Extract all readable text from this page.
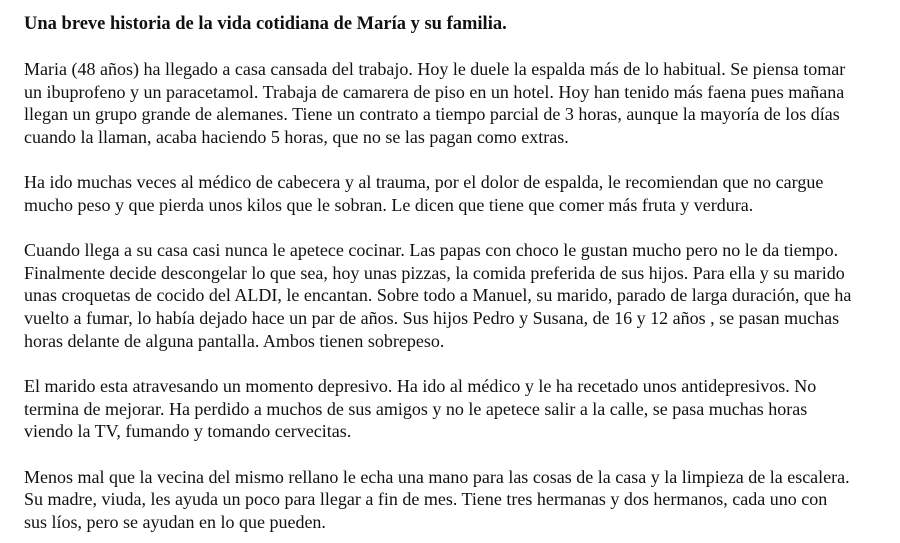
Una breve historia de la vida cotidiana de María y su familia.

Maria (48 años) ha llegado a casa cansada del trabajo. Hoy le duele la espalda más de lo habitual. Se piensa tomar
un ibuprofeno y un paracetamol. Trabaja de camarera de piso en un hotel. Hoy han tenido más faena pues mañana
llegan un grupo grande de alemanes. Tiene un contrato a tiempo parcial de 3 horas, aunque la mayoría de los días
cuando la llaman, acaba haciendo 5 horas, que no se las pagan como extras.

Ha ido muchas veces al médico de cabecera y al trauma, por el dolor de espalda, le recomiendan que no cargue
mucho peso y que pierda unos kilos que le sobran. Le dicen que tiene que comer más fruta y verdura.

Cuando llega a su casa casi nunca le apetece cocinar. Las papas con choco le gustan mucho pero no le da tiempo.
Finalmente decide descongelar lo que sea, hoy unas pizzas, la comida preferida de sus hijos. Para ella y su marido
unas croquetas de cocido del ALDI, le encantan. Sobre todo a Manuel, su marido, parado de larga duración, que ha
vuelto a fumar, lo había dejado hace un par de años. Sus hijos Pedro y Susana, de 16 y 12 años , se pasan muchas
horas delante de alguna pantalla. Ambos tienen sobrepeso.

El marido esta atravesando un momento depresivo. Ha ido al médico y le ha recetado unos antidepresivos. No
termina de mejorar. Ha perdido a muchos de sus amigos y no le apetece salir a la calle, se pasa muchas horas
viendo la TV, fumando y tomando cervecitas.

Menos mal que la vecina del mismo rellano le echa una mano para las cosas de la casa y la limpieza de la escalera.
Su madre, viuda, les ayuda un poco para llegar a fin de mes. Tiene tres hermanas y dos hermanos, cada uno con
sus líos, pero se ayudan en lo que pueden.
